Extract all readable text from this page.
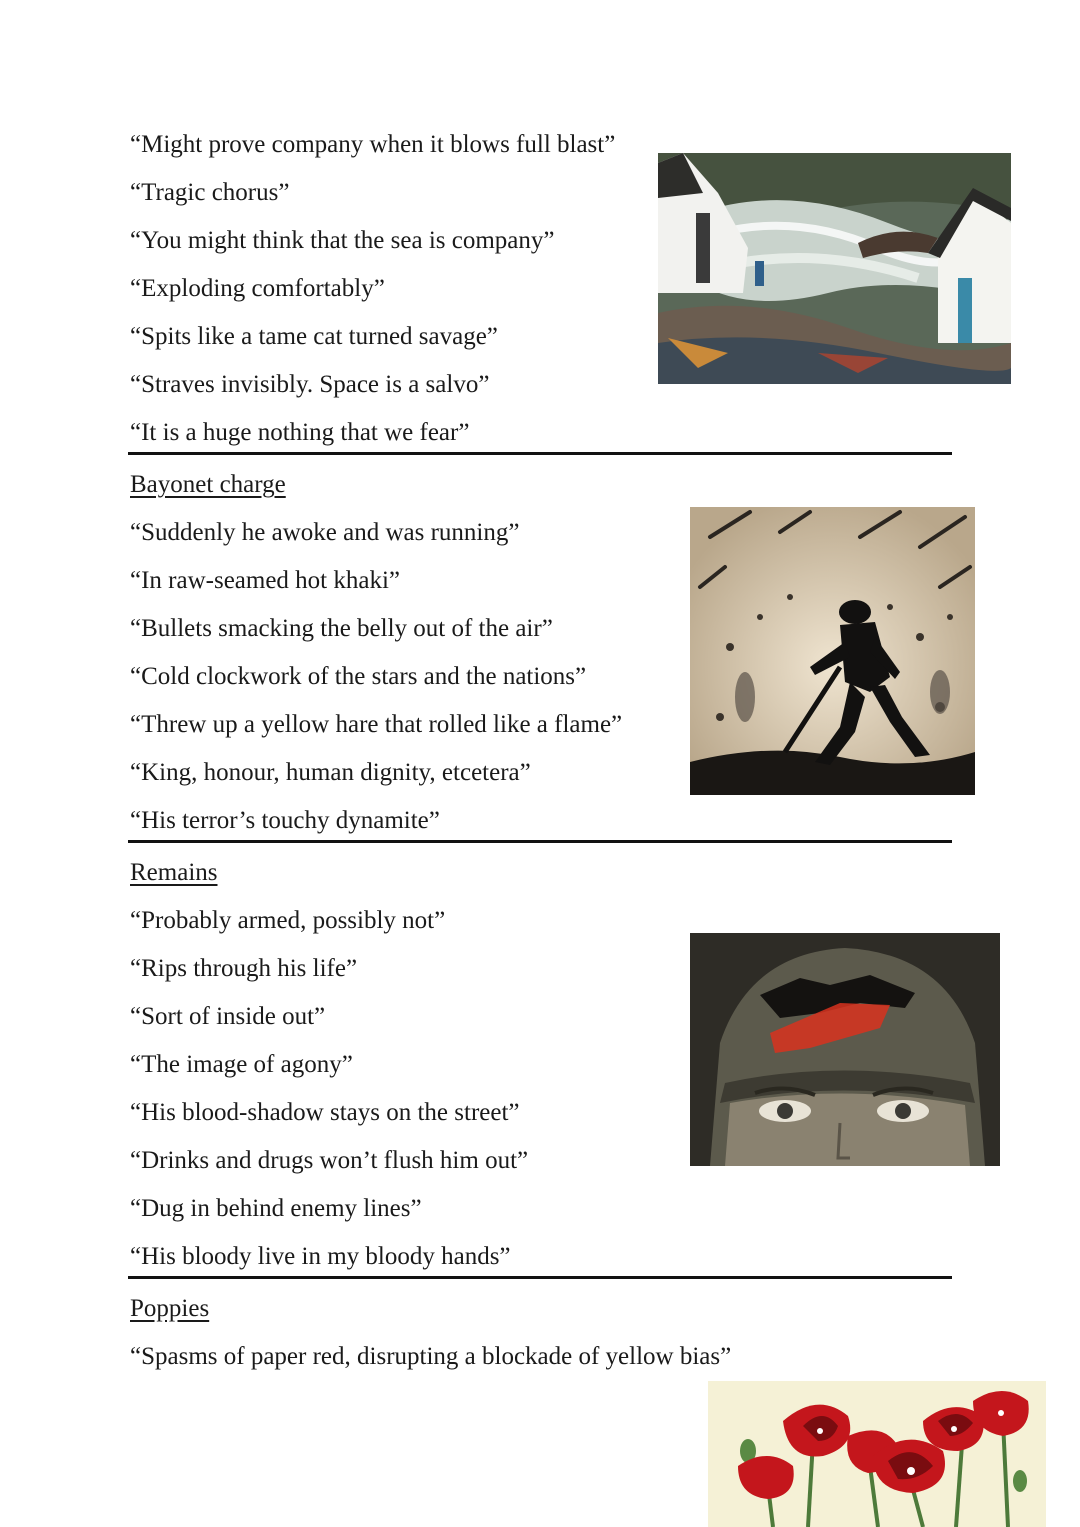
“Might prove company when it blows full blast”
“Tragic chorus”
“You might think that the sea is company”
“Exploding comfortably”
“Spits like a tame cat turned savage”
“Straves invisibly. Space is a salvo”
“It is a huge nothing that we fear”
Bayonet charge
“Suddenly he awoke and was running”
“In raw-seamed hot khaki”
“Bullets smacking the belly out of the air”
“Cold clockwork of the stars and the nations”
“Threw up a yellow hare that rolled like a flame”
“King, honour, human dignity, etcetera”
“His terror’s touchy dynamite”
Remains
“Probably armed, possibly not”
“Rips through his life”
“Sort of inside out”
“The image of agony”
“His blood-shadow stays on the street”
“Drinks and drugs won’t flush him out”
“Dug in behind enemy lines”
“His bloody live in my bloody hands”
Poppies
“Spasms of paper red, disrupting a blockade of yellow bias”
